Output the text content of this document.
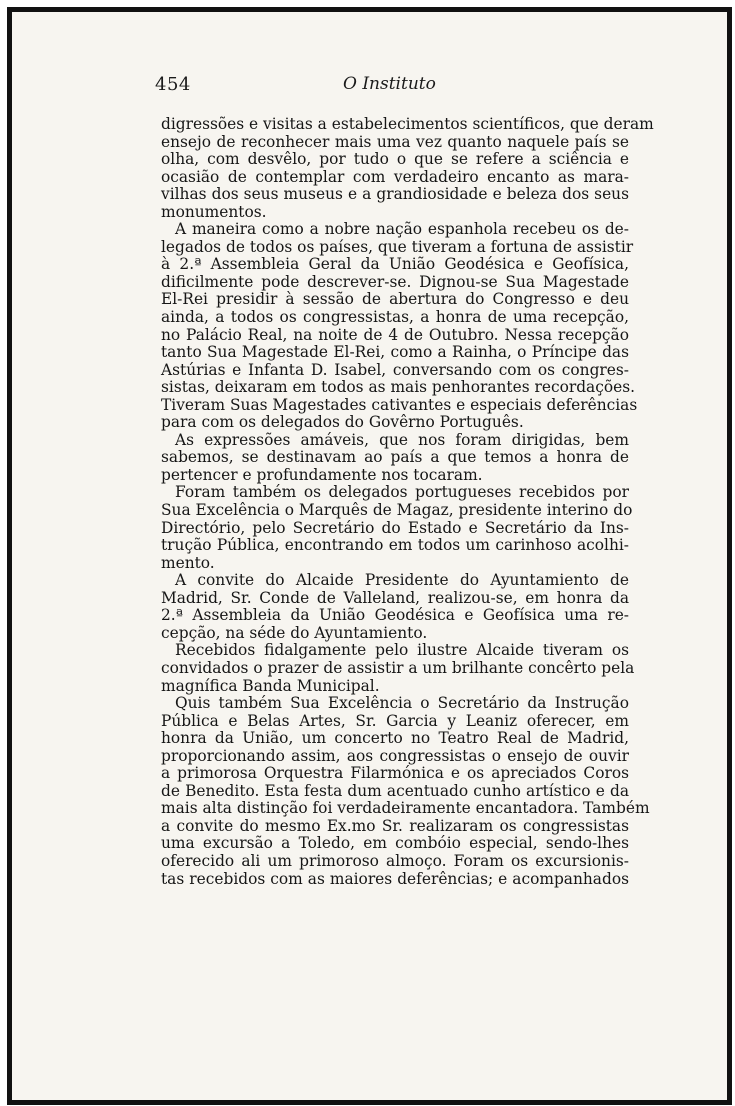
454	O Instituto
digressões e visitas a estabelecimentos scientíficos, que deram
ensejo de reconhecer mais uma vez quanto naquele país se
olha, com desvêlo, por tudo o que se refere a sciência e
ocasião de contemplar com verdadeiro encanto as mara-
vilhas dos seus museus e a grandiosidade e beleza dos seus
monumentos.
A maneira como a nobre nação espanhola recebeu os de-
legados de todos os países, que tiveram a fortuna de assistir
à 2.ª Assembleia Geral da União Geodésica e Geofísica,
dificilmente pode descrever-se. Dignou-se Sua Magestade
El-Rei presidir à sessão de abertura do Congresso e deu
ainda, a todos os congressistas, a honra de uma recepção,
no Palácio Real, na noite de 4 de Outubro. Nessa recepção
tanto Sua Magestade El-Rei, como a Rainha, o Príncipe das
Astúrias e Infanta D. Isabel, conversando com os congres-
sistas, deixaram em todos as mais penhorantes recordações.
Tiveram Suas Magestades cativantes e especiais deferências
para com os delegados do Govêrno Português.
As expressões amáveis, que nos foram dirigidas, bem
sabemos, se destinavam ao país a que temos a honra de
pertencer e profundamente nos tocaram.
Foram também os delegados portugueses recebidos por
Sua Excelência o Marquês de Magaz, presidente interino do
Directório, pelo Secretário do Estado e Secretário da Ins-
trução Pública, encontrando em todos um carinhoso acolhi-
mento.
A convite do Alcaide Presidente do Ayuntamiento de
Madrid, Sr. Conde de Valleland, realizou-se, em honra da
2.ª Assembleia da União Geodésica e Geofísica uma re-
cepção, na séde do Ayuntamiento.
Recebidos fidalgamente pelo ilustre Alcaide tiveram os
convidados o prazer de assistir a um brilhante concêrto pela
magnífica Banda Municipal.
Quis também Sua Excelência o Secretário da Instrução
Pública e Belas Artes, Sr. Garcia y Leaniz oferecer, em
honra da União, um concerto no Teatro Real de Madrid,
proporcionando assim, aos congressistas o ensejo de ouvir
a primorosa Orquestra Filarmónica e os apreciados Coros
de Benedito. Esta festa dum acentuado cunho artístico e da
mais alta distinção foi verdadeiramente encantadora. Também
a convite do mesmo Ex.mo Sr. realizaram os congressistas
uma excursão a Toledo, em combóio especial, sendo-lhes
oferecido ali um primoroso almoço. Foram os excursionis-
tas recebidos com as maiores deferências; e acompanhados
